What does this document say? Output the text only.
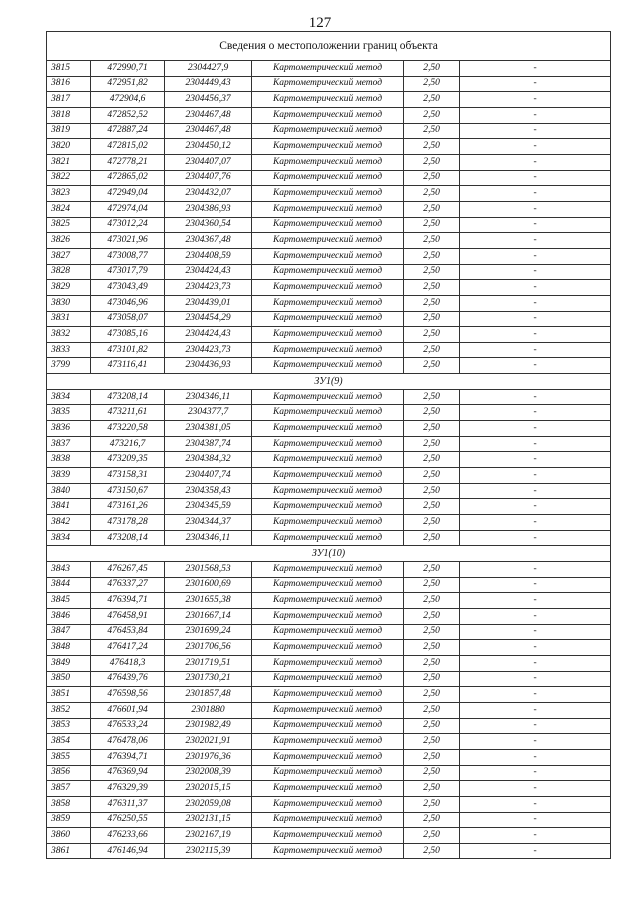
127
Сведения о местоположении границ объекта					
3815	472990,71	2304427,9	Картометрический метод	2,50	-
3816	472951,82	2304449,43	Картометрический метод	2,50	-
3817	472904,6	2304456,37	Картометрический метод	2,50	-
3818	472852,52	2304467,48	Картометрический метод	2,50	-
3819	472887,24	2304467,48	Картометрический метод	2,50	-
3820	472815,02	2304450,12	Картометрический метод	2,50	-
3821	472778,21	2304407,07	Картометрический метод	2,50	-
3822	472865,02	2304407,76	Картометрический метод	2,50	-
3823	472949,04	2304432,07	Картометрический метод	2,50	-
3824	472974,04	2304386,93	Картометрический метод	2,50	-
3825	473012,24	2304360,54	Картометрический метод	2,50	-
3826	473021,96	2304367,48	Картометрический метод	2,50	-
3827	473008,77	2304408,59	Картометрический метод	2,50	-
3828	473017,79	2304424,43	Картометрический метод	2,50	-
3829	473043,49	2304423,73	Картометрический метод	2,50	-
3830	473046,96	2304439,01	Картометрический метод	2,50	-
3831	473058,07	2304454,29	Картометрический метод	2,50	-
3832	473085,16	2304424,43	Картометрический метод	2,50	-
3833	473101,82	2304423,73	Картометрический метод	2,50	-
3799	473116,41	2304436,93	Картометрический метод	2,50	-
ЗУ1(9)					
3834	473208,14	2304346,11	Картометрический метод	2,50	-
3835	473211,61	2304377,7	Картометрический метод	2,50	-
3836	473220,58	2304381,05	Картометрический метод	2,50	-
3837	473216,7	2304387,74	Картометрический метод	2,50	-
3838	473209,35	2304384,32	Картометрический метод	2,50	-
3839	473158,31	2304407,74	Картометрический метод	2,50	-
3840	473150,67	2304358,43	Картометрический метод	2,50	-
3841	473161,26	2304345,59	Картометрический метод	2,50	-
3842	473178,28	2304344,37	Картометрический метод	2,50	-
3834	473208,14	2304346,11	Картометрический метод	2,50	-
ЗУ1(10)					
3843	476267,45	2301568,53	Картометрический метод	2,50	-
3844	476337,27	2301600,69	Картометрический метод	2,50	-
3845	476394,71	2301655,38	Картометрический метод	2,50	-
3846	476458,91	2301667,14	Картометрический метод	2,50	-
3847	476453,84	2301699,24	Картометрический метод	2,50	-
3848	476417,24	2301706,56	Картометрический метод	2,50	-
3849	476418,3	2301719,51	Картометрический метод	2,50	-
3850	476439,76	2301730,21	Картометрический метод	2,50	-
3851	476598,56	2301857,48	Картометрический метод	2,50	-
3852	476601,94	2301880	Картометрический метод	2,50	-
3853	476533,24	2301982,49	Картометрический метод	2,50	-
3854	476478,06	2302021,91	Картометрический метод	2,50	-
3855	476394,71	2301976,36	Картометрический метод	2,50	-
3856	476369,94	2302008,39	Картометрический метод	2,50	-
3857	476329,39	2302015,15	Картометрический метод	2,50	-
3858	476311,37	2302059,08	Картометрический метод	2,50	-
3859	476250,55	2302131,15	Картометрический метод	2,50	-
3860	476233,66	2302167,19	Картометрический метод	2,50	-
3861	476146,94	2302115,39	Картометрический метод	2,50	-
